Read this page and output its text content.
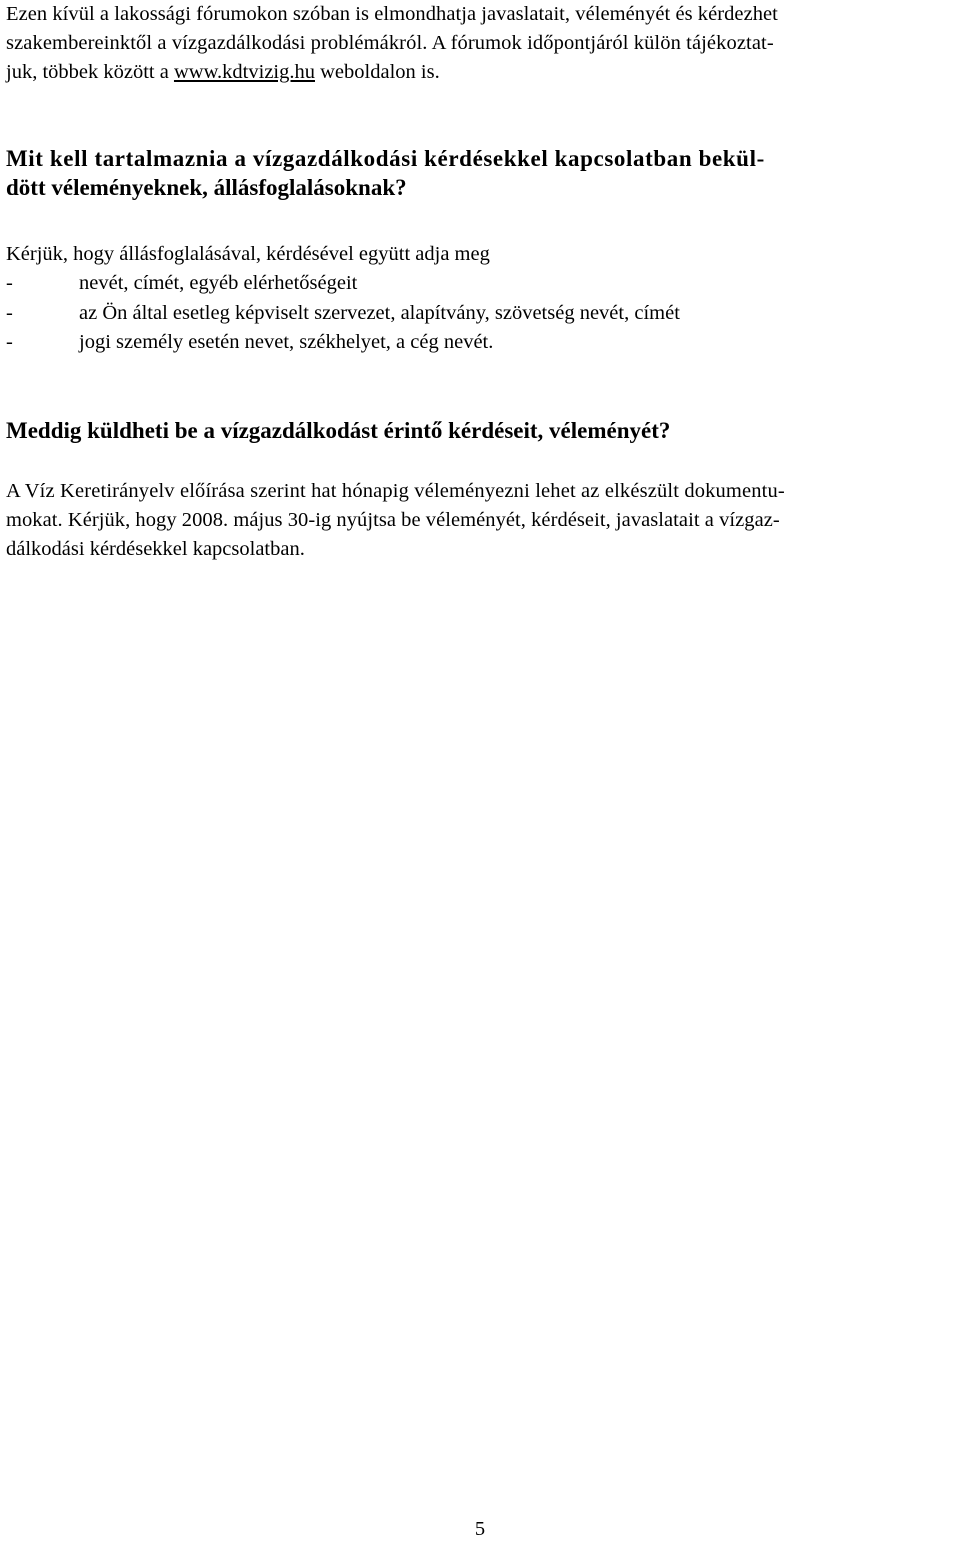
Ezen kívül a lakossági fórumokon szóban is elmondhatja javaslatait, véleményét és kérdezhet
szakembereinktől a vízgazdálkodási problémákról. A fórumok időpontjáról külön tájékoztat-
juk, többek között a www.kdtvizig.hu weboldalon is.
Mit kell tartalmaznia a vízgazdálkodási kérdésekkel kapcsolatban bekül-
dött véleményeknek, állásfoglalásoknak?
Kérjük, hogy állásfoglalásával, kérdésével együtt adja meg
-	nevét, címét, egyéb elérhetőségeit
-	az Ön által esetleg képviselt szervezet, alapítvány, szövetség nevét, címét
-	jogi személy esetén nevet, székhelyet, a cég nevét.
Meddig küldheti be a vízgazdálkodást érintő kérdéseit, véleményét?
A Víz Keretirányelv előírása szerint hat hónapig véleményezni lehet az elkészült dokumentu-
mokat. Kérjük, hogy 2008. május 30-ig nyújtsa be véleményét, kérdéseit, javaslatait a vízgaz-
dálkodási kérdésekkel kapcsolatban.
5
